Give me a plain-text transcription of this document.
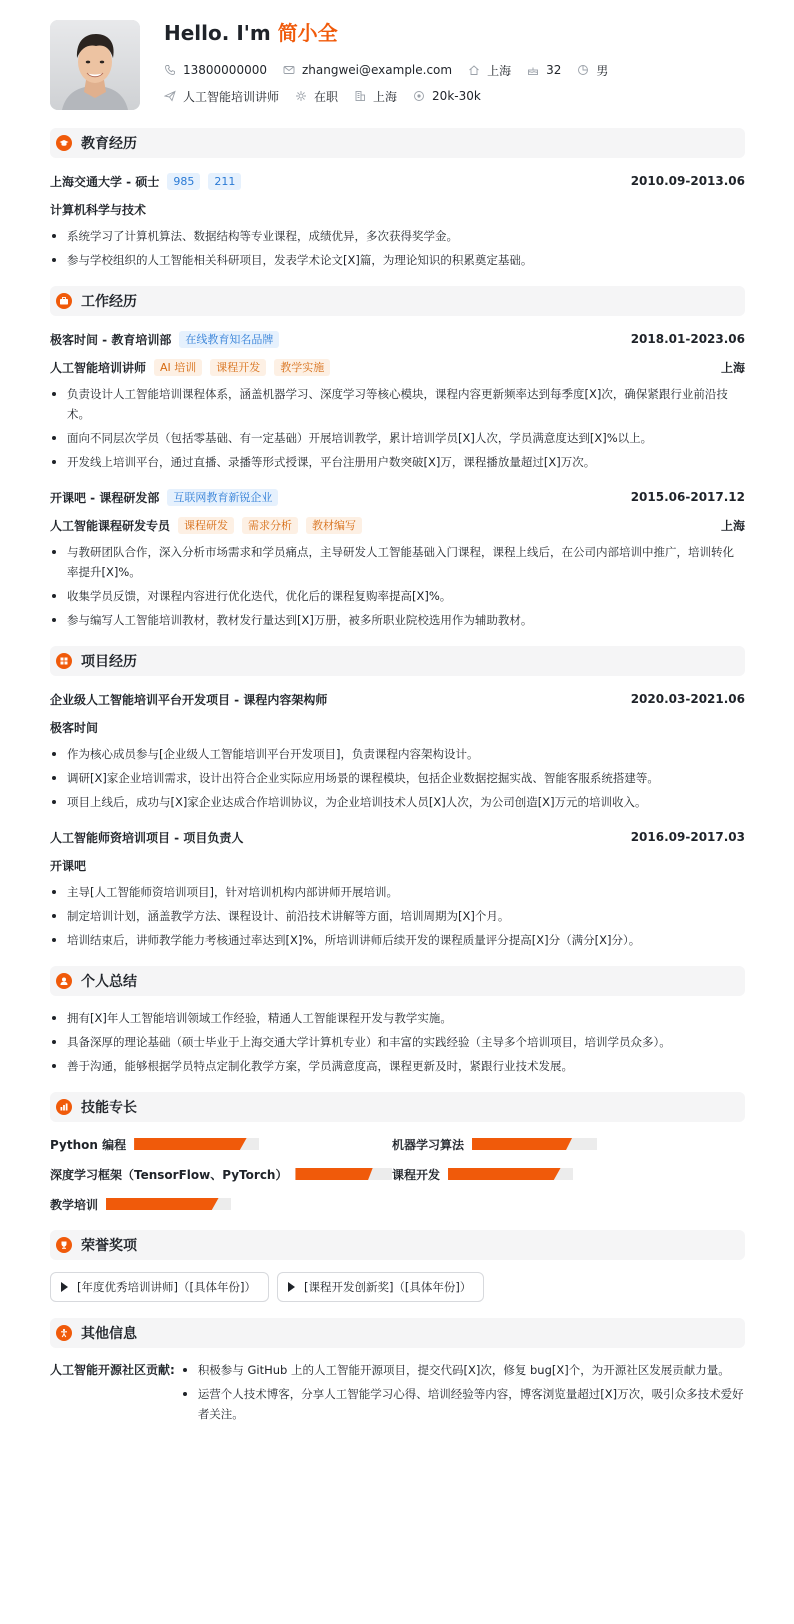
Hello. I'm 简小全
13800000000	zhangwei@example.com	上海	32	男
人工智能培训讲师	在职	上海	20k-30k
教育经历
上海交通大学 - 硕士	985	211	2010.09-2013.06
计算机科学与技术
系统学习了计算机算法、数据结构等专业课程，成绩优异，多次获得奖学金。
参与学校组织的人工智能相关科研项目，发表学术论文[X]篇，为理论知识的积累奠定基础。
工作经历
极客时间 - 教育培训部	在线教育知名品牌	2018.01-2023.06
人工智能培训讲师	AI 培训	课程开发	教学实施	上海
负责设计人工智能培训课程体系，涵盖机器学习、深度学习等核心模块，课程内容更新频率达到每季度[X]次，确保紧跟行业前沿技术。
面向不同层次学员（包括零基础、有一定基础）开展培训教学，累计培训学员[X]人次，学员满意度达到[X]%以上。
开发线上培训平台，通过直播、录播等形式授课，平台注册用户数突破[X]万，课程播放量超过[X]万次。
开课吧 - 课程研发部	互联网教育新锐企业	2015.06-2017.12
人工智能课程研发专员	课程研发	需求分析	教材编写	上海
与教研团队合作，深入分析市场需求和学员痛点，主导研发人工智能基础入门课程，课程上线后，在公司内部培训中推广，培训转化率提升[X]%。
收集学员反馈，对课程内容进行优化迭代，优化后的课程复购率提高[X]%。
参与编写人工智能培训教材，教材发行量达到[X]万册，被多所职业院校选用作为辅助教材。
项目经历
企业级人工智能培训平台开发项目 - 课程内容架构师	2020.03-2021.06
极客时间
作为核心成员参与[企业级人工智能培训平台开发项目]，负责课程内容架构设计。
调研[X]家企业培训需求，设计出符合企业实际应用场景的课程模块，包括企业数据挖掘实战、智能客服系统搭建等。
项目上线后，成功与[X]家企业达成合作培训协议，为企业培训技术人员[X]人次，为公司创造[X]万元的培训收入。
人工智能师资培训项目 - 项目负责人	2016.09-2017.03
开课吧
主导[人工智能师资培训项目]，针对培训机构内部讲师开展培训。
制定培训计划，涵盖教学方法、课程设计、前沿技术讲解等方面，培训周期为[X]个月。
培训结束后，讲师教学能力考核通过率达到[X]%，所培训讲师后续开发的课程质量评分提高[X]分（满分[X]分）。
个人总结
拥有[X]年人工智能培训领域工作经验，精通人工智能课程开发与教学实施。
具备深厚的理论基础（硕士毕业于上海交通大学计算机专业）和丰富的实践经验（主导多个培训项目，培训学员众多）。
善于沟通，能够根据学员特点定制化教学方案，学员满意度高，课程更新及时，紧跟行业技术发展。
技能专长
Python 编程	机器学习算法
深度学习框架（TensorFlow、PyTorch）	课程开发
教学培训
荣誉奖项
[年度优秀培训讲师]（[具体年份]）	[课程开发创新奖]（[具体年份]）
其他信息
人工智能开源社区贡献:	积极参与 GitHub 上的人工智能开源项目，提交代码[X]次，修复 bug[X]个，为开源社区发展贡献力量。
运营个人技术博客，分享人工智能学习心得、培训经验等内容，博客浏览量超过[X]万次，吸引众多技术爱好者关注。
